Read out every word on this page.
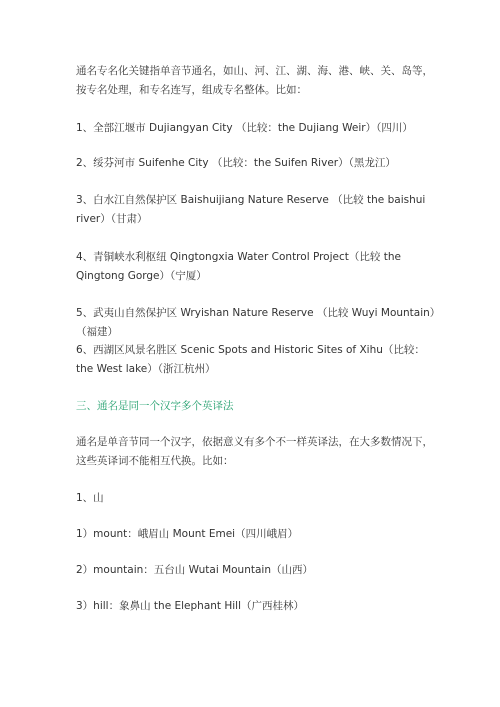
通名专名化关键指单音节通名，如山、河、江、湖、海、港、峡、关、岛等，按专名处理，和专名连写，组成专名整体。比如：

1、全部江堰市 Dujiangyan City （比较：the Dujiang Weir）（四川）

2、绥芬河市 Suifenhe City （比较：the Suifen River）（黑龙江）

3、白水江自然保护区 Baishuijiang Nature Reserve （比较 the baishui river）（甘肃）

4、青铜峡水利枢纽 Qingtongxia Water Control Project（比较 the Qingtong Gorge）（宁厦）

5、武夷山自然保护区 Wryishan Nature Reserve （比较 Wuyi Mountain）（福建）

6、西湖区风景名胜区 Scenic Spots and Historic Sites of Xihu（比较：the West lake）（浙江杭州）

三、通名是同一个汉字多个英译法

通名是单音节同一个汉字，依据意义有多个不一样英译法，在大多数情况下，这些英译词不能相互代换。比如：

1、山

1）mount：峨眉山 Mount Emei（四川峨眉）

2）mountain：五台山 Wutai Mountain（山西）

3）hill：象鼻山 the Elephant Hill（广西桂林）
